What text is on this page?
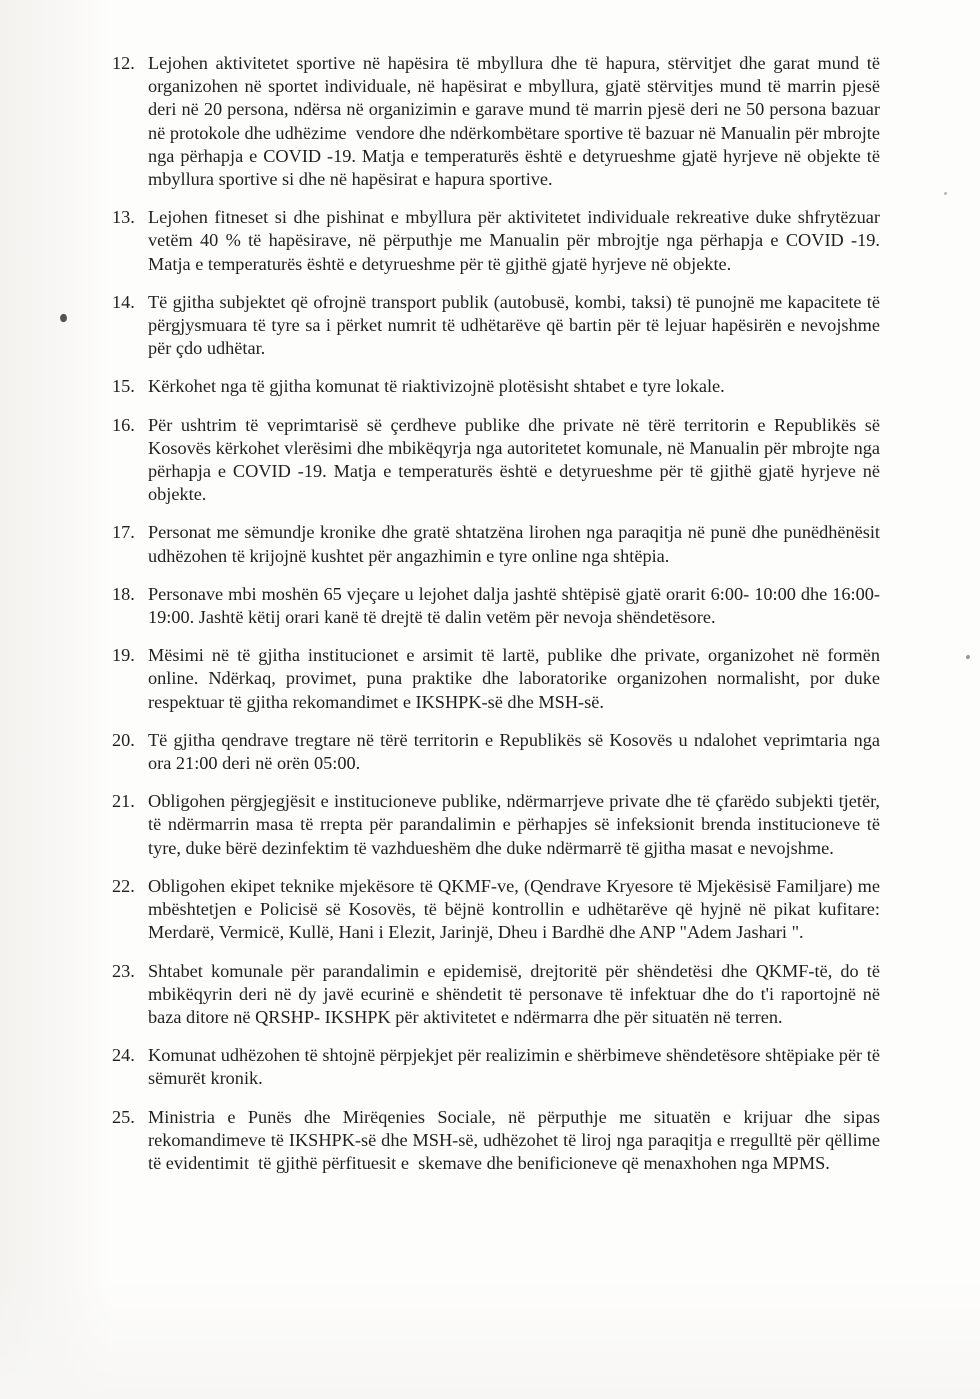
12. Lejohen aktivitetet sportive në hapësira të mbyllura dhe të hapura, stërvitjet dhe garat mund të organizohen në sportet individuale, në hapësirat e mbyllura, gjatë stërvitjes mund të marrin pjesë deri në 20 persona, ndërsa në organizimin e garave mund të marrin pjesë deri ne 50 persona bazuar në protokole dhe udhëzime  vendore dhe ndërkombëtare sportive të bazuar në Manualin për mbrojte nga përhapja e COVID -19. Matja e temperaturës është e detyrueshme gjatë hyrjeve në objekte të mbyllura sportive si dhe në hapësirat e hapura sportive.
13. Lejohen fitneset si dhe pishinat e mbyllura për aktivitetet individuale rekreative duke shfrytëzuar vetëm 40 % të hapësirave, në përputhje me Manualin për mbrojtje nga përhapja e COVID -19. Matja e temperaturës është e detyrueshme për të gjithë gjatë hyrjeve në objekte.
14. Të gjitha subjektet që ofrojnë transport publik (autobusë, kombi, taksi) të punojnë me kapacitete të përgjysmuara të tyre sa i përket numrit të udhëtarëve që bartin për të lejuar hapësirën e nevojshme për çdo udhëtar.
15. Kërkohet nga të gjitha komunat të riaktivizojnë plotësisht shtabet e tyre lokale.
16. Për ushtrim të veprimtarisë së çerdheve publike dhe private në tërë territorin e Republikës së Kosovës kërkohet vlerësimi dhe mbikëqyrja nga autoritetet komunale, në Manualin për mbrojte nga përhapja e COVID -19. Matja e temperaturës është e detyrueshme për të gjithë gjatë hyrjeve në objekte.
17. Personat me sëmundje kronike dhe gratë shtatzëna lirohen nga paraqitja në punë dhe punëdhënësit udhëzohen të krijojnë kushtet për angazhimin e tyre online nga shtëpia.
18. Personave mbi moshën 65 vjeçare u lejohet dalja jashtë shtëpisë gjatë orarit 6:00- 10:00 dhe 16:00-19:00. Jashtë këtij orari kanë të drejtë të dalin vetëm për nevoja shëndetësore.
19. Mësimi në të gjitha institucionet e arsimit të lartë, publike dhe private, organizohet në formën online. Ndërkaq, provimet, puna praktike dhe laboratorike organizohen normalisht, por duke respektuar të gjitha rekomandimet e IKSHPK-së dhe MSH-së.
20. Të gjitha qendrave tregtare në tërë territorin e Republikës së Kosovës u ndalohet veprimtaria nga ora 21:00 deri në orën 05:00.
21. Obligohen përgjegjësit e institucioneve publike, ndërmarrjeve private dhe të çfarëdo subjekti tjetër, të ndërmarrin masa të rrepta për parandalimin e përhapjes së infeksionit brenda institucioneve të tyre, duke bërë dezinfektim të vazhdueshëm dhe duke ndërmarrë të gjitha masat e nevojshme.
22. Obligohen ekipet teknike mjekësore të QKMF-ve, (Qendrave Kryesore të Mjekësisë Familjare) me mbështetjen e Policisë së Kosovës, të bëjnë kontrollin e udhëtarëve që hyjnë në pikat kufitare: Merdarë, Vermicë, Kullë, Hani i Elezit, Jarinjë, Dheu i Bardhë dhe ANP "Adem Jashari ".
23. Shtabet komunale për parandalimin e epidemisë, drejtoritë për shëndetësi dhe QKMF-të, do të mbikëqyrin deri në dy javë ecurinë e shëndetit të personave të infektuar dhe do t'i raportojnë në baza ditore në QRSHP- IKSHPK për aktivitetet e ndërmarra dhe për situatën në terren.
24. Komunat udhëzohen të shtojnë përpjekjet për realizimin e shërbimeve shëndetësore shtëpiake për të sëmurët kronik.
25. Ministria e Punës dhe Mirëqenies Sociale, në përputhje me situatën e krijuar dhe sipas rekomandimeve të IKSHPK-së dhe MSH-së, udhëzohet të liroj nga paraqitja e rregulltë për qëllime të evidentimit  të gjithë përfituesit e  skemave dhe benificioneve që menaxhohen nga MPMS.
